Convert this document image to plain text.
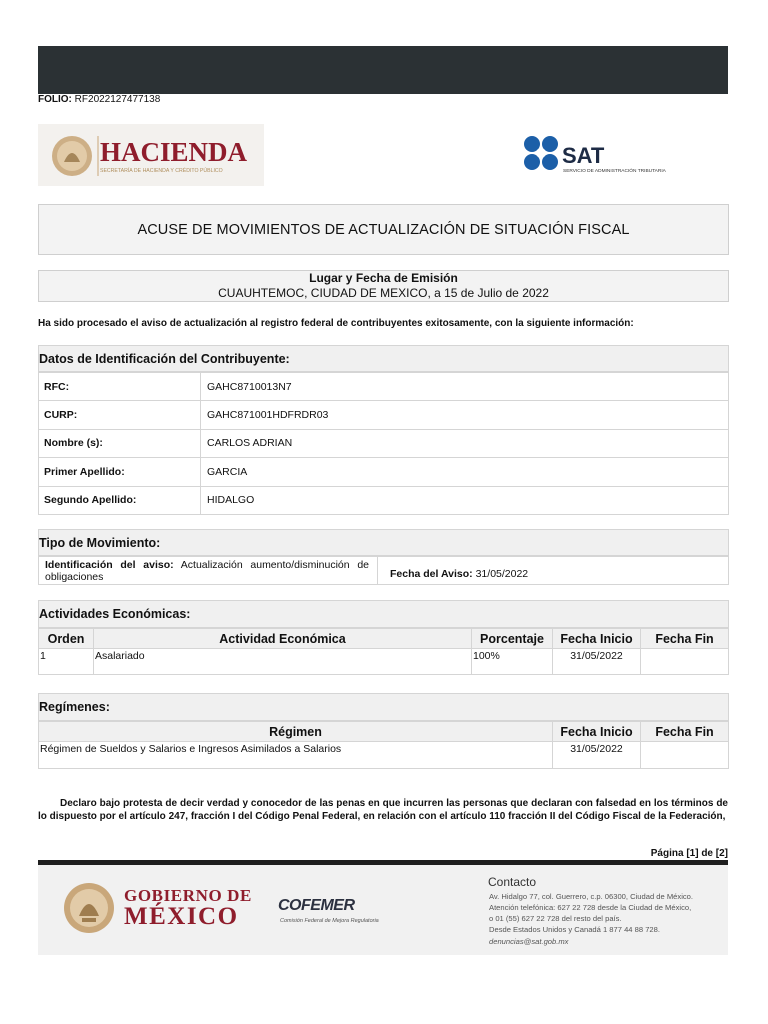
FOLIO: RF2022127477138
HACIENDA
SECRETARÍA DE HACIENDA Y CRÉDITO PÚBLICO
SAT
SERVICIO DE ADMINISTRACIÓN TRIBUTARIA
ACUSE DE MOVIMIENTOS DE ACTUALIZACIÓN DE SITUACIÓN FISCAL
Lugar y Fecha de Emisión
CUAUHTEMOC, CIUDAD DE MEXICO, a 15 de Julio de 2022
Ha sido procesado el aviso de actualización al registro federal de contribuyentes exitosamente, con la siguiente información:
Datos de Identificación del Contribuyente:
RFC:	GAHC8710013N7
CURP:	GAHC871001HDFRDR03
Nombre (s):	CARLOS ADRIAN
Primer Apellido:	GARCIA
Segundo Apellido:	HIDALGO
Tipo de Movimiento:
Identificación del aviso: Actualización aumento/disminución de obligaciones	Fecha del Aviso: 31/05/2022
Actividades Económicas:
Orden	Actividad Económica	Porcentaje	Fecha Inicio	Fecha Fin
1	Asalariado	100%	31/05/2022	
Regímenes:
Régimen	Fecha Inicio	Fecha Fin
Régimen de Sueldos y Salarios e Ingresos Asimilados a Salarios	31/05/2022	
Declaro bajo protesta de decir verdad y conocedor de las penas en que incurren las personas que declaran con falsedad en los términos de lo dispuesto por el artículo 247, fracción I del Código Penal Federal, en relación con el artículo 110 fracción II del Código Fiscal de la Federación,
Página [1] de [2]
GOBIERNO DE
MÉXICO COFEMER
Comisión Federal de Mejora Regulatoria
Contacto
Av. Hidalgo 77, col. Guerrero, c.p. 06300, Ciudad de México.
Atención telefónica: 627 22 728 desde la Ciudad de México,
o 01 (55) 627 22 728 del resto del país.
Desde Estados Unidos y Canadá 1 877 44 88 728.
denuncias@sat.gob.mx
